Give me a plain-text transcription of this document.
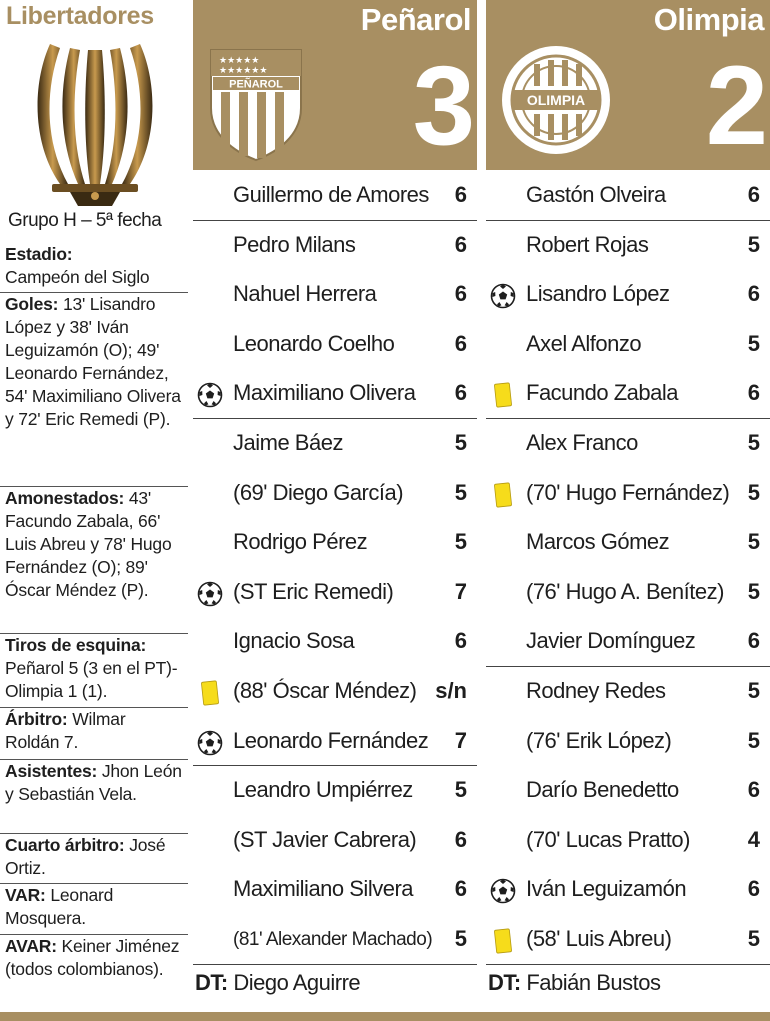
Libertadores
Grupo H – 5ª fecha
Estadio:
Campeón del Siglo
Goles: 13' Lisandro López y 38' Iván Leguizamón (O); 49' Leonardo Fernández, 54' Maximiliano Olivera y 72' Eric Remedi (P).
Amonestados: 43' Facundo Zabala, 66' Luis Abreu y 78' Hugo Fernández (O); 89' Óscar Méndez (P).
Tiros de esquina: Peñarol 5 (3 en el PT)-Olimpia 1 (1).
Árbitro: Wilmar Roldán 7.
Asistentes: Jhon León y Sebastián Vela.
Cuarto árbitro: José Ortiz.
VAR: Leonard Mosquera.
AVAR: Keiner Jiménez (todos colombianos).
Peñarol
3
★★★★★
★★★★★★
PEÑAROL
Guillermo de Amores 6
Pedro Milans	6
Nahuel Herrera	6
Leonardo Coelho	6
Maximiliano Olivera 6
Jaime Báez	5
(69' Diego García) 5
Rodrigo Pérez	5
(ST Eric Remedi)	7
Ignacio Sosa	6
(88' Óscar Méndez) s/n
Leonardo Fernández 7
Leandro Umpiérrez 5
(ST Javier Cabrera) 6
Maximiliano Silvera 6
(81' Alexander Machado) 5
DT: Diego Aguirre
Olimpia
2
OLIMPIA
Gastón Olveira	6
Robert Rojas	5
Lisandro López	6
Axel Alfonzo	5
Facundo Zabala	6
Alex Franco	5
(70' Hugo Fernández) 5
Marcos Gómez	5
(76' Hugo A. Benítez) 5
Javier Domínguez 6
Rodney Redes	5
(76' Erik López)	5
Darío Benedetto	6
(70' Lucas Pratto)	4
Iván Leguizamón	6
(58' Luis Abreu)	5
DT: Fabián Bustos
